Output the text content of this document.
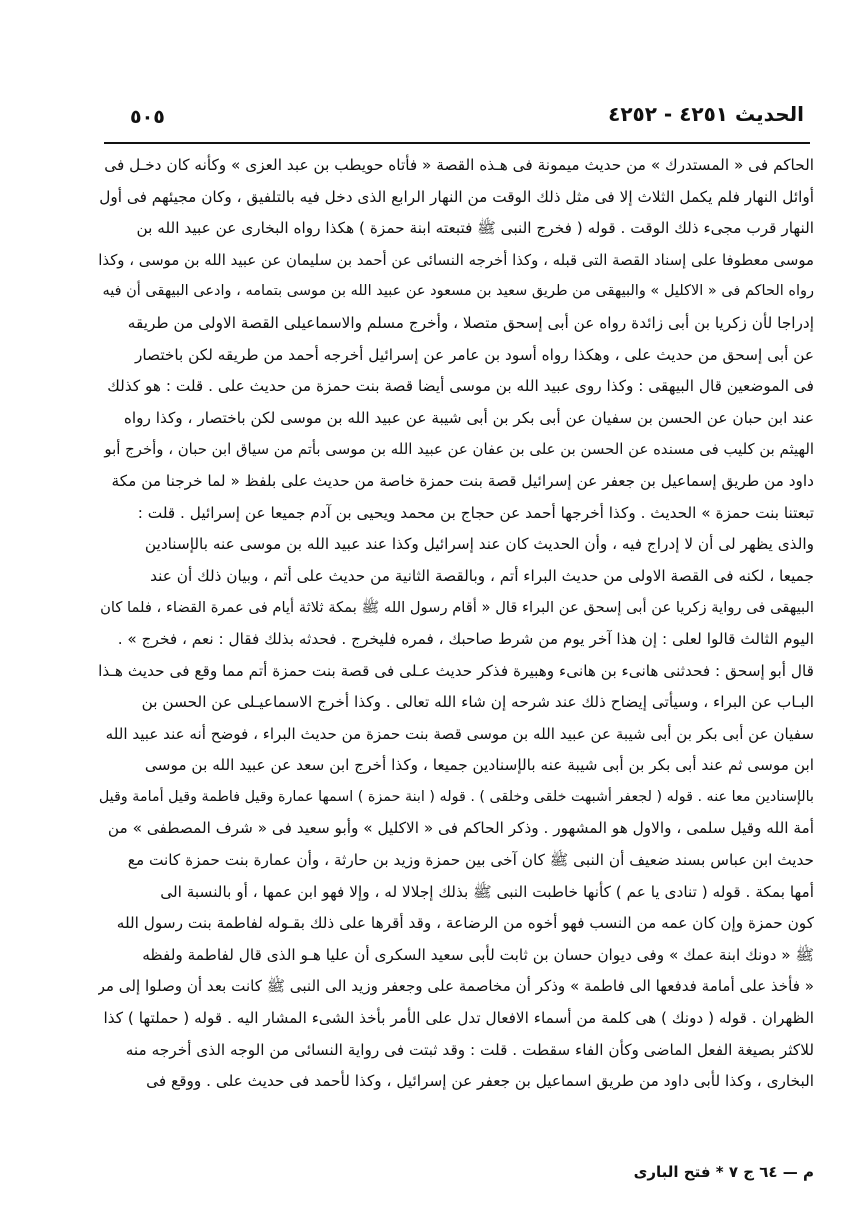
الحديث ٤٢٥١ - ٤٢٥٢
٥٠٥
الحاكم فى « المستدرك » من حديث ميمونة فى هـذه القصة « فأتاه حويطب بن عبد العزى » وكأنه كان دخـل فى
أوائل النهار فلم يكمل الثلاث إلا فى مثل ذلك الوقت من النهار الرابع الذى دخل فيه بالتلفيق ، وكان مجيئهم فى أول
النهار قرب مجىء ذلك الوقت . قوله ( فخرج النبى ﷺ فتبعته ابنة حمزة ) هكذا رواه البخارى عن عبيد الله بن
موسى معطوفا على إسناد القصة التى قبله ، وكذا أخرجه النسائى عن أحمد بن سليمان عن عبيد الله بن موسى ، وكذا
رواه الحاكم فى « الاكليل » والبيهقى من طريق سعيد بن مسعود عن عبيد الله بن موسى بتمامه ، وادعى البيهقى أن فيه
إدراجا لأن زكريا بن أبى زائدة رواه عن أبى إسحق متصلا ، وأخرج مسلم والاسماعيلى القصة الاولى من طريقه
عن أبى إسحق من حديث على ، وهكذا رواه أسود بن عامر عن إسرائيل أخرجه أحمد من طريقه لكن باختصار
فى الموضعين قال البيهقى : وكذا روى عبيد الله بن موسى أيضا قصة بنت حمزة من حديث على . قلت : هو كذلك
عند ابن حبان عن الحسن بن سفيان عن أبى بكر بن أبى شيبة عن عبيد الله بن موسى لكن باختصار ، وكذا رواه
الهيثم بن كليب فى مسنده عن الحسن بن على بن عفان عن عبيد الله بن موسى بأتم من سياق ابن حبان ، وأخرج أبو
داود من طريق إسماعيل بن جعفر عن إسرائيل قصة بنت حمزة خاصة من حديث على بلفظ « لما خرجنا من مكة
تبعتنا بنت حمزة » الحديث . وكذا أخرجها أحمد عن حجاج بن محمد ويحيى بن آدم جميعا عن إسرائيل . قلت :
والذى يظهر لى أن لا إدراج فيه ، وأن الحديث كان عند إسرائيل وكذا عند عبيد الله بن موسى عنه بالإسنادين
جميعا ، لكنه فى القصة الاولى من حديث البراء أتم ، وبالقصة الثانية من حديث على أتم ، وبيان ذلك أن عند
البيهقى فى رواية زكريا عن أبى إسحق عن البراء قال « أقام رسول الله ﷺ بمكة ثلاثة أيام فى عمرة القضاء ، فلما كان
اليوم الثالث قالوا لعلى : إن هذا آخر يوم من شرط صاحبك ، فمره فليخرج . فحدثه بذلك فقال : نعم ، فخرج » .
قال أبو إسحق : فحدثنى هانىء بن هانىء وهبيرة فذكر حديث عـلى فى قصة بنت حمزة أتم مما وقع فى حديث هـذا
البـاب عن البراء ، وسيأتى إيضاح ذلك عند شرحه إن شاء الله تعالى . وكذا أخرج الاسماعيـلى عن الحسن بن
سفيان عن أبى بكر بن أبى شيبة عن عبيد الله بن موسى قصة بنت حمزة من حديث البراء ، فوضح أنه عند عبيد الله
ابن موسى ثم عند أبى بكر بن أبى شيبة عنه بالإسنادين جميعا ، وكذا أخرج ابن سعد عن عبيد الله بن موسى
بالإسنادين معا عنه . قوله ( لجعفر أشبهت خلقى وخلقى ) . قوله ( ابنة حمزة ) اسمها عمارة وقيل فاطمة وقيل أمامة وقيل
أمة الله وقيل سلمى ، والاول هو المشهور . وذكر الحاكم فى « الاكليل » وأبو سعيد فى « شرف المصطفى » من
حديث ابن عباس بسند ضعيف أن النبى ﷺ كان آخى بين حمزة وزيد بن حارثة ، وأن عمارة بنت حمزة كانت مع
أمها بمكة . قوله ( تنادى يا عم ) كأنها خاطبت النبى ﷺ بذلك إجلالا له ، وإلا فهو ابن عمها ، أو بالنسبة الى
كون حمزة وإن كان عمه من النسب فهو أخوه من الرضاعة ، وقد أقرها على ذلك بقـوله لفاطمة بنت رسول الله
ﷺ « دونك ابنة عمك » وفى ديوان حسان بن ثابت لأبى سعيد السكرى أن عليا هـو الذى قال لفاطمة ولفظه
« فأخذ على أمامة فدفعها الى فاطمة » وذكر أن مخاصمة على وجعفر وزيد الى النبى ﷺ كانت بعد أن وصلوا إلى مر
الظهران . قوله ( دونك ) هى كلمة من أسماء الافعال تدل على الأمر بأخذ الشىء المشار اليه . قوله ( حملتها ) كذا
للاكثر بصيغة الفعل الماضى وكأن الفاء سقطت . قلت : وقد ثبتت فى رواية النسائى من الوجه الذى أخرجه منه
البخارى ، وكذا لأبى داود من طريق اسماعيل بن جعفر عن إسرائيل ، وكذا لأحمد فى حديث على . ووقع فى
م — ٦٤ ج ٧ * فتح البارى
